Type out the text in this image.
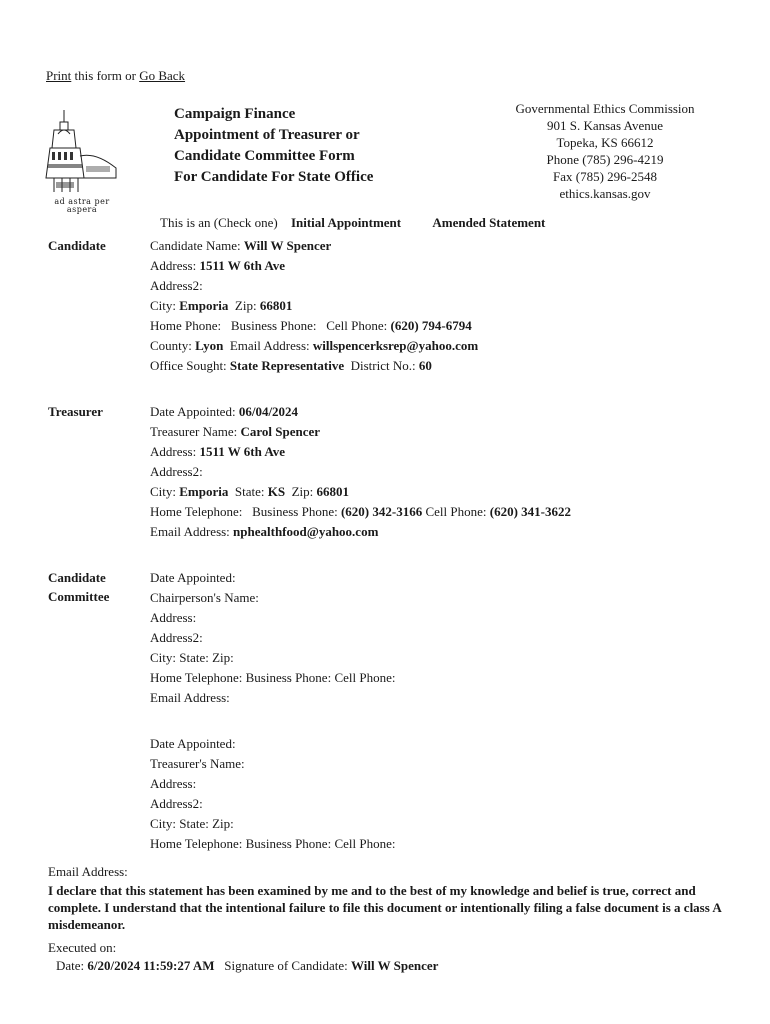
Print this form or Go Back
ad astra per aspera
Campaign Finance
Appointment of Treasurer or
Candidate Committee Form
For Candidate For State Office
Governmental Ethics Commission
901 S. Kansas Avenue
Topeka, KS 66612
Phone (785) 296-4219
Fax (785) 296-2548
ethics.kansas.gov
This is an (Check one) Initial Appointment Amended Statement
Candidate	Candidate Name: Will W Spencer
Address: 1511 W 6th Ave
Address2:
City: Emporia Zip: 66801
Home Phone: Business Phone: Cell Phone: (620) 794-6794
County: Lyon Email Address: willspencerksrep@yahoo.com
Office Sought: State Representative District No.: 60
Treasurer	Date Appointed: 06/04/2024
Treasurer Name: Carol Spencer
Address: 1511 W 6th Ave
Address2:
City: Emporia State: KS Zip: 66801
Home Telephone: Business Phone: (620) 342-3166 Cell Phone: (620) 341-3622
Email Address: nphealthfood@yahoo.com
Candidate
Committee
Date Appointed:
Chairperson's Name:
Address:
Address2:
City: State: Zip:
Home Telephone: Business Phone: Cell Phone:
Email Address:
Date Appointed:
Treasurer's Name:
Address:
Address2:
City: State: Zip:
Home Telephone: Business Phone: Cell Phone:
Email Address:
I declare that this statement has been examined by me and to the best of my knowledge and belief is true, correct and complete. I understand that the intentional failure to file this document or intentionally filing a false document is a class A misdemeanor.
Executed on:
Date: 6/20/2024 11:59:27 AM Signature of Candidate: Will W Spencer
